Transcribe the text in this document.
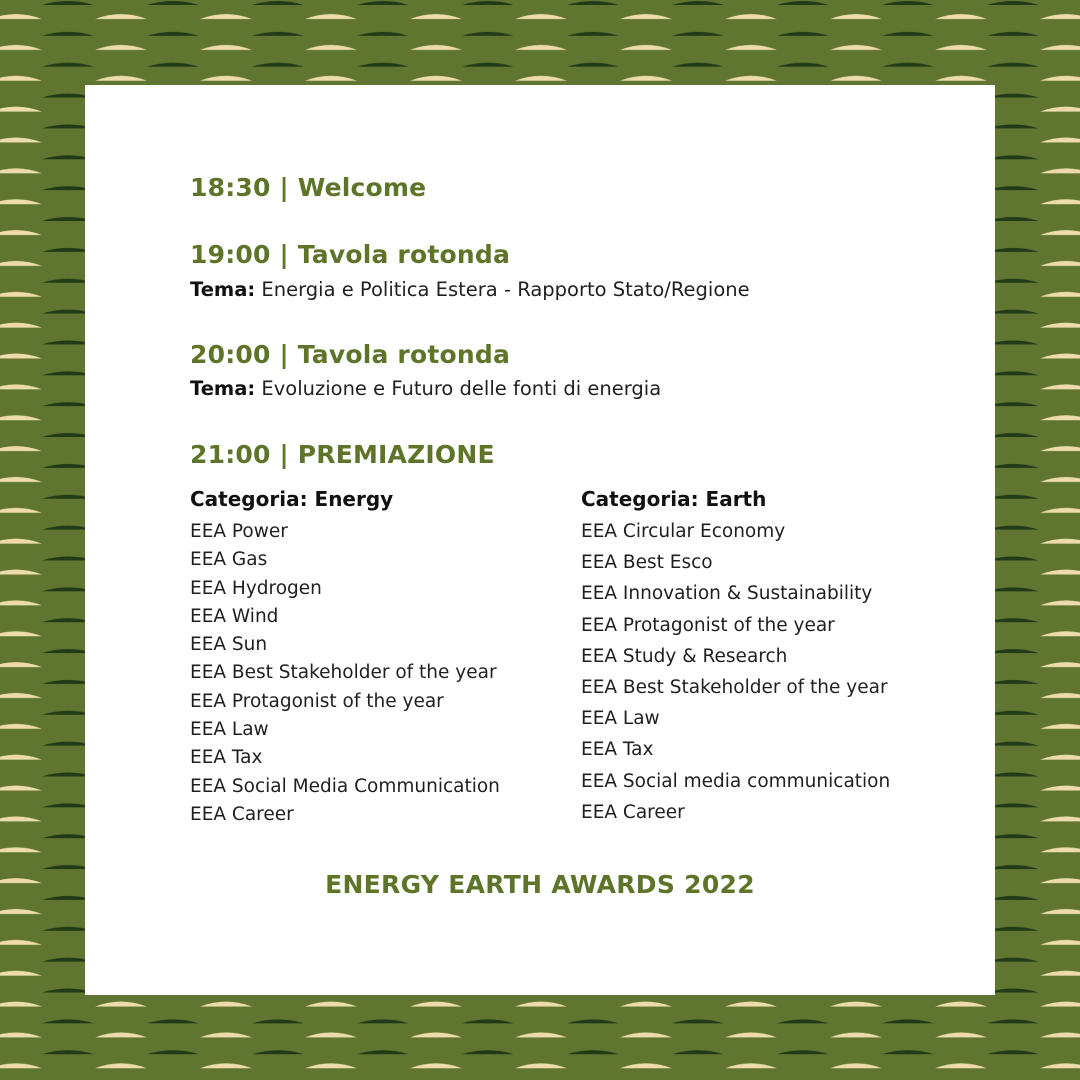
18:30 | Welcome
19:00 | Tavola rotonda

Tema: Energia e Politica Estera - Rapporto Stato/Regione

20:00 | Tavola rotonda

Tema: Evoluzione e Futuro delle fonti di energia

21:00 | PREMIAZIONE
Categoria: Energy
EEA Power
EEA Gas
EEA Hydrogen
EEA Wind
EEA Sun
EEA Best Stakeholder of the year
EEA Protagonist of the year
EEA Law
EEA Tax
EEA Social Media Communication
EEA Career
Categoria: Earth
EEA Circular Economy
EEA Best Esco
EEA Innovation & Sustainability
EEA Protagonist of the year
EEA Study & Research
EEA Best Stakeholder of the year
EEA Law
EEA Tax
EEA Social media communication
EEA Career
ENERGY EARTH AWARDS 2022
